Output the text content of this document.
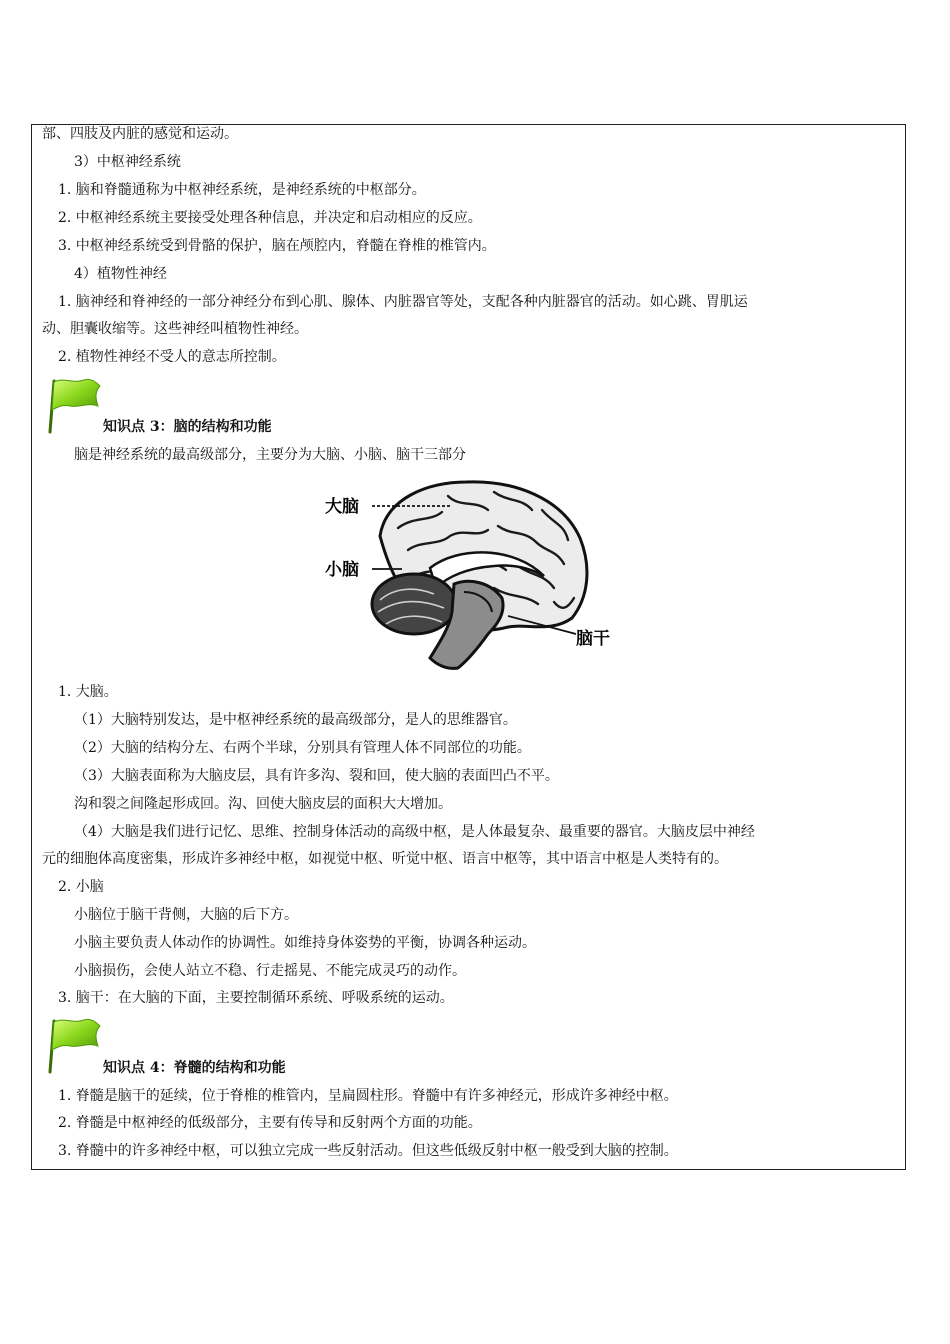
部、四肢及内脏的感觉和运动。
3）中枢神经系统
1. 脑和脊髓通称为中枢神经系统，是神经系统的中枢部分。
2. 中枢神经系统主要接受处理各种信息，并决定和启动相应的反应。
3. 中枢神经系统受到骨骼的保护，脑在颅腔内，脊髓在脊椎的椎管内。
4）植物性神经
1. 脑神经和脊神经的一部分神经分布到心肌、腺体、内脏器官等处，支配各种内脏器官的活动。如心跳、胃肌运
动、胆囊收缩等。这些神经叫植物性神经。
2. 植物性神经不受人的意志所控制。
知识点 3：脑的结构和功能
脑是神经系统的最高级部分，主要分为大脑、小脑、脑干三部分
大脑
小脑
脑干
1. 大脑。
（1）大脑特别发达，是中枢神经系统的最高级部分，是人的思维器官。
（2）大脑的结构分左、右两个半球，分别具有管理人体不同部位的功能。
（3）大脑表面称为大脑皮层，具有许多沟、裂和回，使大脑的表面凹凸不平。
沟和裂之间隆起形成回。沟、回使大脑皮层的面积大大增加。
（4）大脑是我们进行记忆、思维、控制身体活动的高级中枢，是人体最复杂、最重要的器官。大脑皮层中神经
元的细胞体高度密集，形成许多神经中枢，如视觉中枢、听觉中枢、语言中枢等，其中语言中枢是人类特有的。
2. 小脑
小脑位于脑干背侧，大脑的后下方。
小脑主要负责人体动作的协调性。如维持身体姿势的平衡，协调各种运动。
小脑损伤，会使人站立不稳、行走摇晃、不能完成灵巧的动作。
3. 脑干：在大脑的下面，主要控制循环系统、呼吸系统的运动。
知识点 4：脊髓的结构和功能
1. 脊髓是脑干的延续，位于脊椎的椎管内，呈扁圆柱形。脊髓中有许多神经元，形成许多神经中枢。
2. 脊髓是中枢神经的低级部分，主要有传导和反射两个方面的功能。
3. 脊髓中的许多神经中枢，可以独立完成一些反射活动。但这些低级反射中枢一般受到大脑的控制。
